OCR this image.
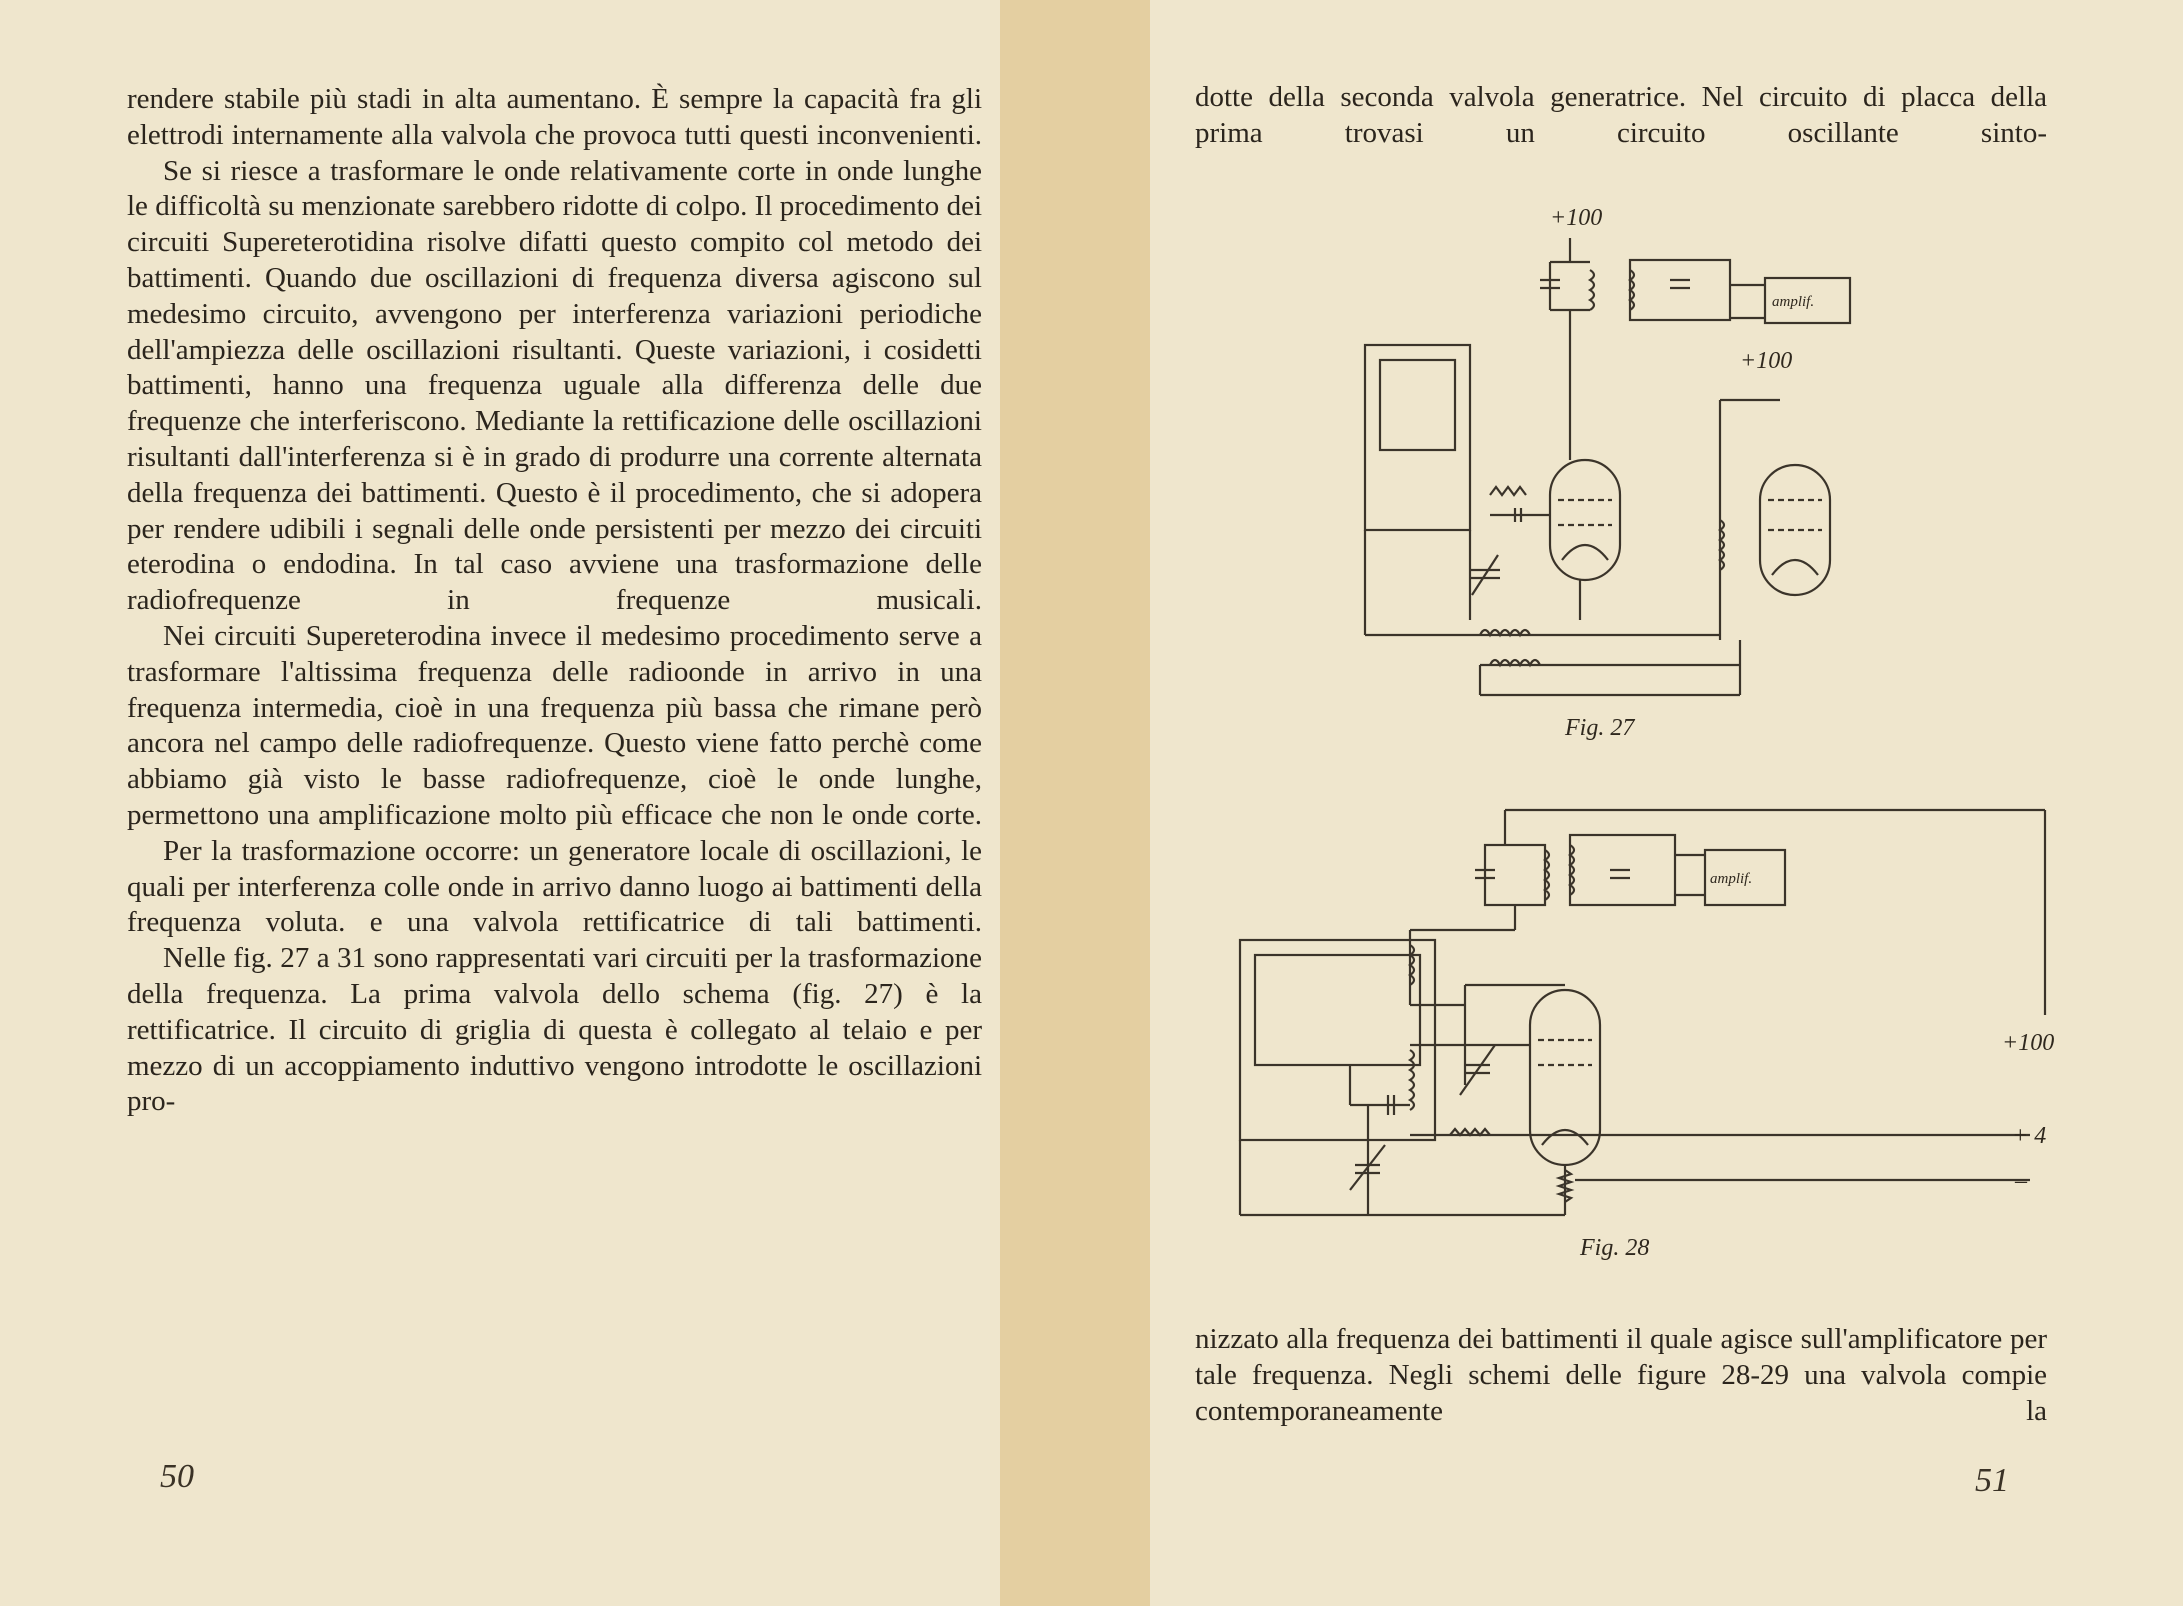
rendere stabile più stadi in alta aumentano. È sempre la capacità fra gli elettrodi internamente alla valvola che provoca tutti questi inconvenienti.

Se si riesce a trasformare le onde relativamente corte in onde lunghe le difficoltà su menzionate sarebbero ridotte di colpo. Il procedimento dei circuiti Supereterotidina risolve difatti questo compito col metodo dei battimenti. Quando due oscillazioni di frequenza diversa agiscono sul medesimo circuito, avvengono per interferenza variazioni periodiche dell'ampiezza delle oscillazioni risultanti. Queste variazioni, i cosidetti battimenti, hanno una frequenza uguale alla differenza delle due frequenze che interferiscono. Mediante la rettificazione delle oscillazioni risultanti dall'interferenza si è in grado di produrre una corrente alternata della frequenza dei battimenti. Questo è il procedimento, che si adopera per rendere udibili i segnali delle onde persistenti per mezzo dei circuiti eterodina o endodina. In tal caso avviene una trasformazione delle radiofrequenze in frequenze musicali.

Nei circuiti Supereterodina invece il medesimo procedimento serve a trasformare l'altissima frequenza delle radioonde in arrivo in una frequenza intermedia, cioè in una frequenza più bassa che rimane però ancora nel campo delle radiofrequenze. Questo viene fatto perchè come abbiamo già visto le basse radiofrequenze, cioè le onde lunghe, permettono una amplificazione molto più efficace che non le onde corte.

Per la trasformazione occorre: un generatore locale di oscillazioni, le quali per interferenza colle onde in arrivo danno luogo ai battimenti della frequenza voluta. e una valvola rettificatrice di tali battimenti.

Nelle fig. 27 a 31 sono rappresentati vari circuiti per la trasformazione della frequenza. La prima valvola dello schema (fig. 27) è la rettificatrice. Il circuito di griglia di questa è collegato al telaio e per mezzo di un accoppiamento induttivo vengono introdotte le oscillazioni pro-

50

dotte della seconda valvola generatrice. Nel circuito di placca della prima trovasi un circuito oscillante sinto-

+100
amplif.
+100
Fig. 27
+100
amplif.
+ 4
–
Fig. 28

nizzato alla frequenza dei battimenti il quale agisce sull'amplificatore per tale frequenza. Negli schemi delle figure 28-29 una valvola compie contemporaneamente la

51
